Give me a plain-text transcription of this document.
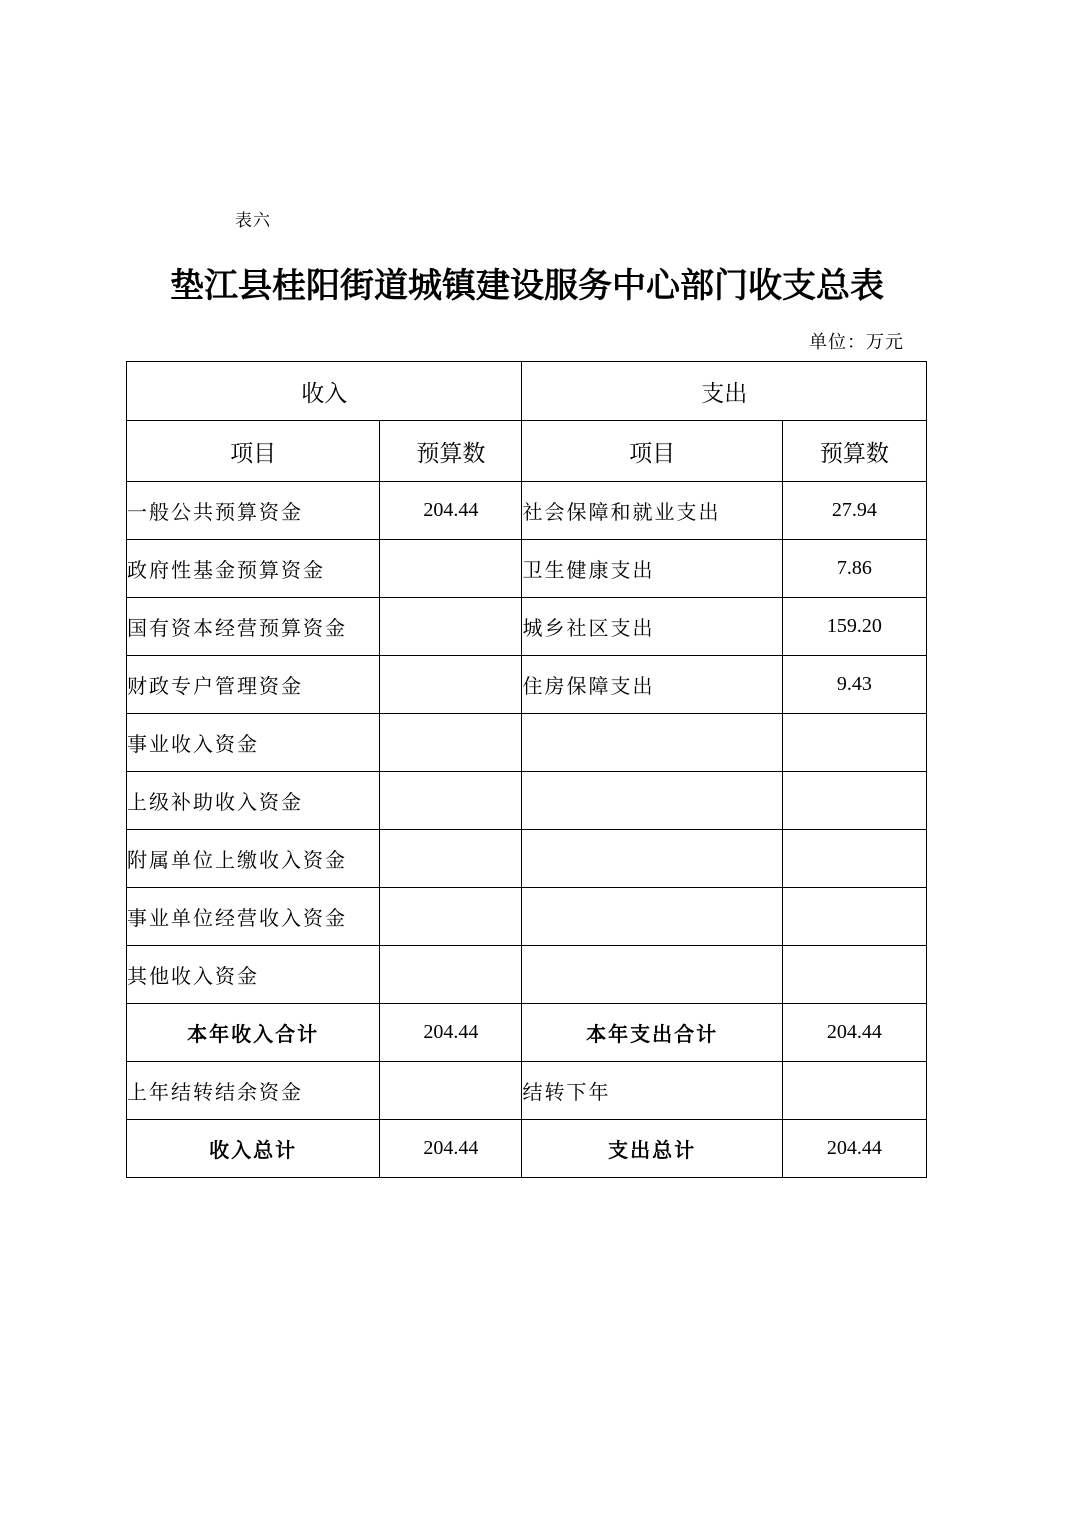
表六
垫江县桂阳街道城镇建设服务中心部门收支总表
单位：万元
收入		支出	
项目	预算数	项目	预算数
一般公共预算资金	204.44	社会保障和就业支出	27.94
政府性基金预算资金		卫生健康支出	7.86
国有资本经营预算资金		城乡社区支出	159.20
财政专户管理资金		住房保障支出	9.43
事业收入资金			
上级补助收入资金			
附属单位上缴收入资金			
事业单位经营收入资金			
其他收入资金			
本年收入合计	204.44	本年支出合计	204.44
上年结转结余资金		结转下年	
收入总计	204.44	支出总计	204.44
